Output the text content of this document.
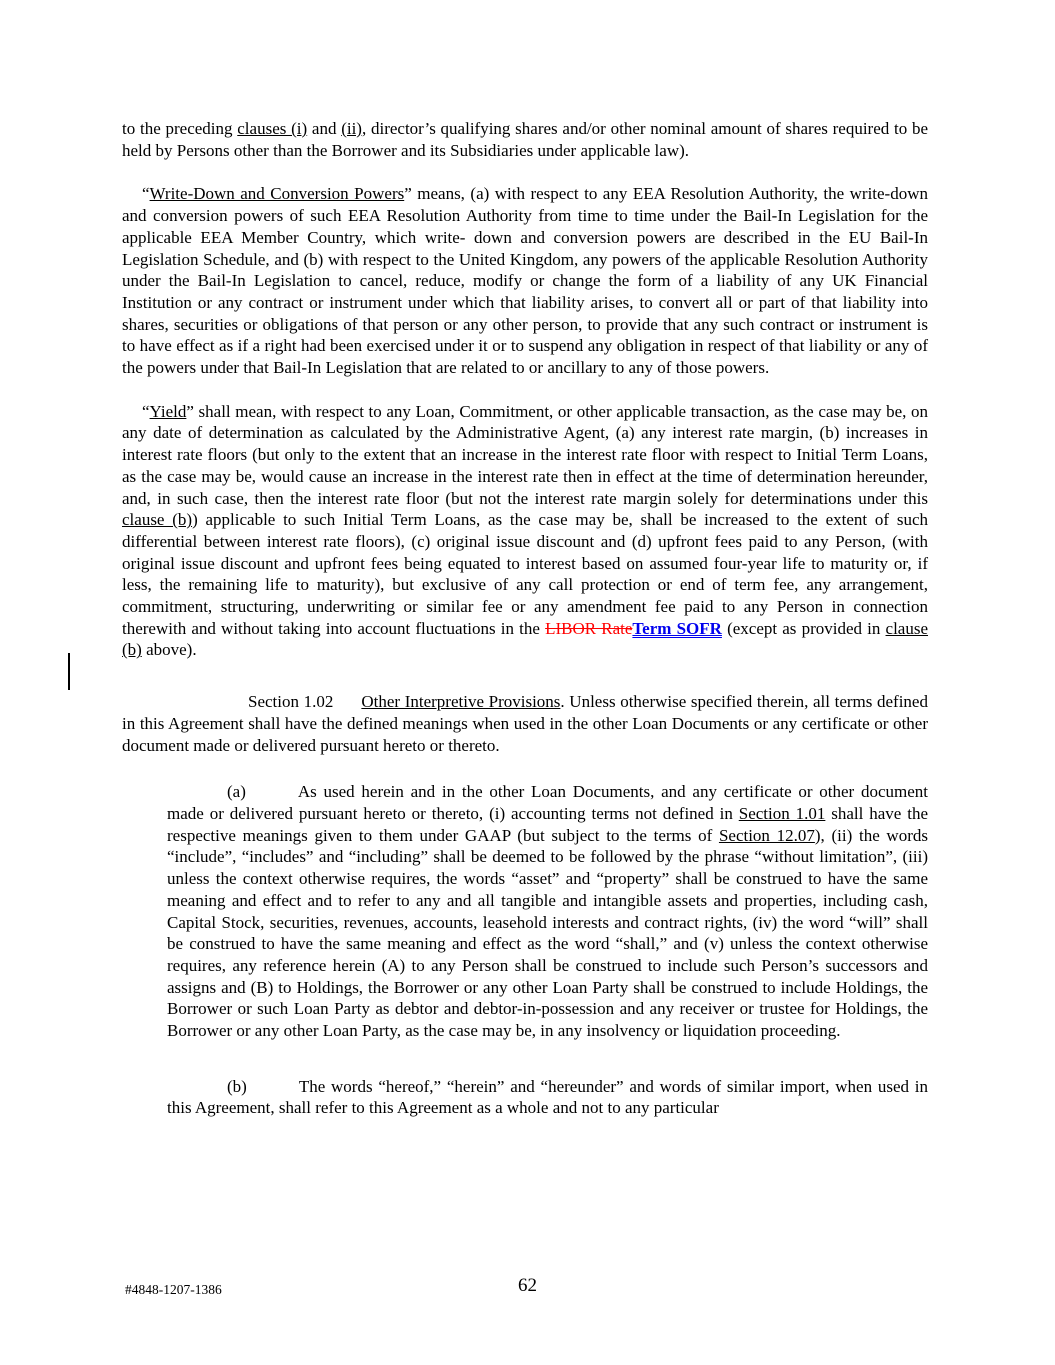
to the preceding clauses (i) and (ii), director’s qualifying shares and/or other nominal amount of shares required to be held by Persons other than the Borrower and its Subsidiaries under applicable law).

“Write-Down and Conversion Powers” means, (a) with respect to any EEA Resolution Authority, the write-down and conversion powers of such EEA Resolution Authority from time to time under the Bail-In Legislation for the applicable EEA Member Country, which write- down and conversion powers are described in the EU Bail-In Legislation Schedule, and (b) with respect to the United Kingdom, any powers of the applicable Resolution Authority under the Bail-In Legislation to cancel, reduce, modify or change the form of a liability of any UK Financial Institution or any contract or instrument under which that liability arises, to convert all or part of that liability into shares, securities or obligations of that person or any other person, to provide that any such contract or instrument is to have effect as if a right had been exercised under it or to suspend any obligation in respect of that liability or any of the powers under that Bail-In Legislation that are related to or ancillary to any of those powers.

“Yield” shall mean, with respect to any Loan, Commitment, or other applicable transaction, as the case may be, on any date of determination as calculated by the Administrative Agent, (a) any interest rate margin, (b) increases in interest rate floors (but only to the extent that an increase in the interest rate floor with respect to Initial Term Loans, as the case may be, would cause an increase in the interest rate then in effect at the time of determination hereunder, and, in such case, then the interest rate floor (but not the interest rate margin solely for determinations under this clause (b)) applicable to such Initial Term Loans, as the case may be, shall be increased to the extent of such differential between interest rate floors), (c) original issue discount and (d) upfront fees paid to any Person, (with original issue discount and upfront fees being equated to interest based on assumed four-year life to maturity or, if less, the remaining life to maturity), but exclusive of any call protection or end of term fee, any arrangement, commitment, structuring, underwriting or similar fee or any amendment fee paid to any Person in connection therewith and without taking into account fluctuations in the LIBOR RateTerm SOFR (except as provided in clause (b) above).

Section 1.02 Other Interpretive Provisions. Unless otherwise specified therein, all terms defined in this Agreement shall have the defined meanings when used in the other Loan Documents or any certificate or other document made or delivered pursuant hereto or thereto.

(a)	As used herein and in the other Loan Documents, and any certificate or other document made or delivered pursuant hereto or thereto, (i) accounting terms not defined in Section 1.01 shall have the respective meanings given to them under GAAP (but subject to the terms of Section 12.07), (ii) the words “include”, “includes” and “including” shall be deemed to be followed by the phrase “without limitation”, (iii) unless the context otherwise requires, the words “asset” and “property” shall be construed to have the same meaning and effect and to refer to any and all tangible and intangible assets and properties, including cash, Capital Stock, securities, revenues, accounts, leasehold interests and contract rights, (iv) the word “will” shall be construed to have the same meaning and effect as the word “shall,” and (v) unless the context otherwise requires, any reference herein (A) to any Person shall be construed to include such Person’s successors and assigns and (B) to Holdings, the Borrower or any other Loan Party shall be construed to include Holdings, the Borrower or such Loan Party as debtor and debtor-in-possession and any receiver or trustee for Holdings, the Borrower or any other Loan Party, as the case may be, in any insolvency or liquidation proceeding.

(b)	The words “hereof,” “herein” and “hereunder” and words of similar import, when used in this Agreement, shall refer to this Agreement as a whole and not to any particular

#4848-1207-1386	62
